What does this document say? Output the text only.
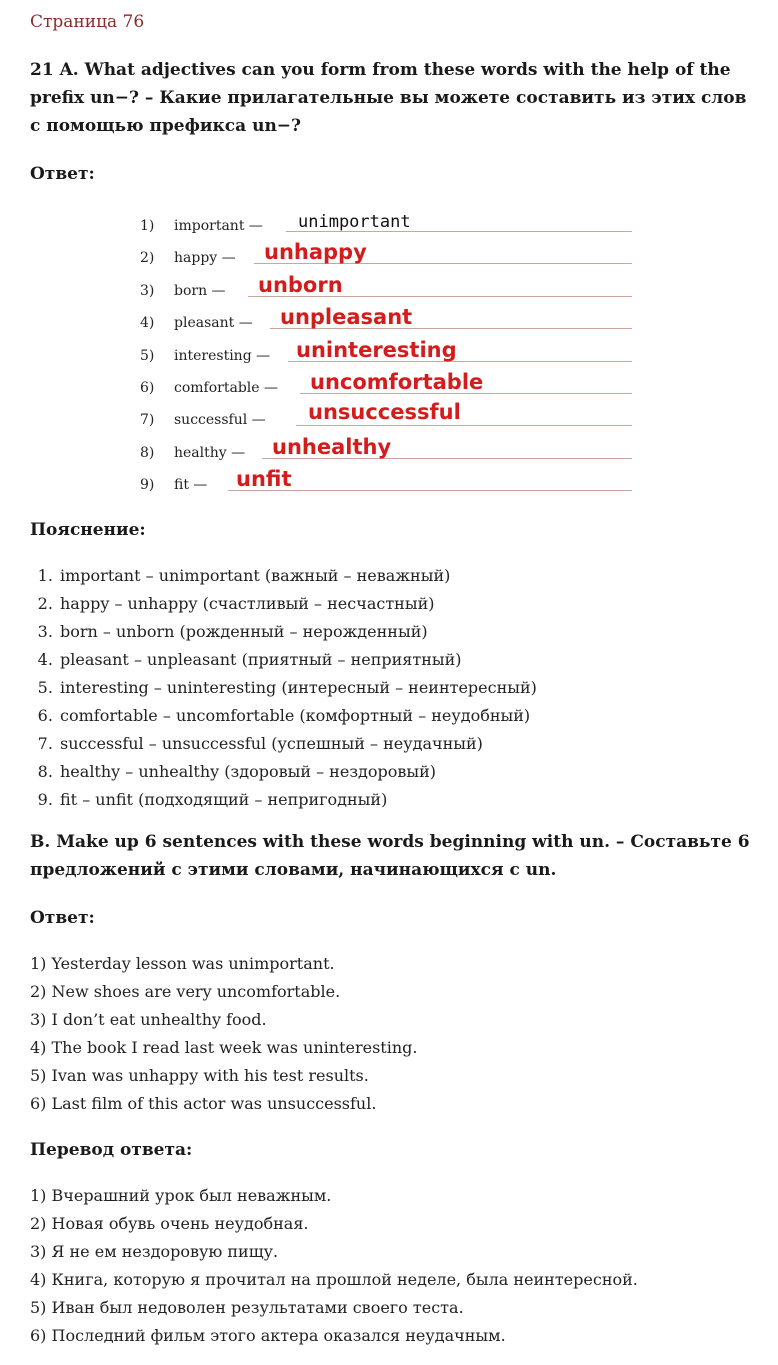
Страница 76
21 A. What adjectives can you form from these words with the help of the prefix un−? – Какие прилагательные вы можете составить из этих слов с помощью префикса un−?
Ответ:
1) important — unimportant
2) happy — unhappy
3) born — unborn
4) pleasant — unpleasant
5) interesting — uninteresting
6) comfortable — uncomfortable
7) successful — unsuccessful
8) healthy — unhealthy
9) fit — unfit
Пояснение:
1. important – unimportant (важный – неважный)
2. happy – unhappy (счастливый – несчастный)
3. born – unborn (рожденный – нерожденный)
4. pleasant – unpleasant (приятный – неприятный)
5. interesting – uninteresting (интересный – неинтересный)
6. comfortable – uncomfortable (комфортный – неудобный)
7. successful – unsuccessful (успешный – неудачный)
8. healthy – unhealthy (здоровый – нездоровый)
9. fit – unfit (подходящий – непригодный)
B. Make up 6 sentences with these words beginning with un. – Составьте 6 предложений с этими словами, начинающихся с un.
Ответ:
1) Yesterday lesson was unimportant.
2) New shoes are very uncomfortable.
3) I don’t eat unhealthy food.
4) The book I read last week was uninteresting.
5) Ivan was unhappy with his test results.
6) Last film of this actor was unsuccessful.
Перевод ответа:
1) Вчерашний урок был неважным.
2) Новая обувь очень неудобная.
3) Я не ем нездоровую пищу.
4) Книга, которую я прочитал на прошлой неделе, была неинтересной.
5) Иван был недоволен результатами своего теста.
6) Последний фильм этого актера оказался неудачным.
